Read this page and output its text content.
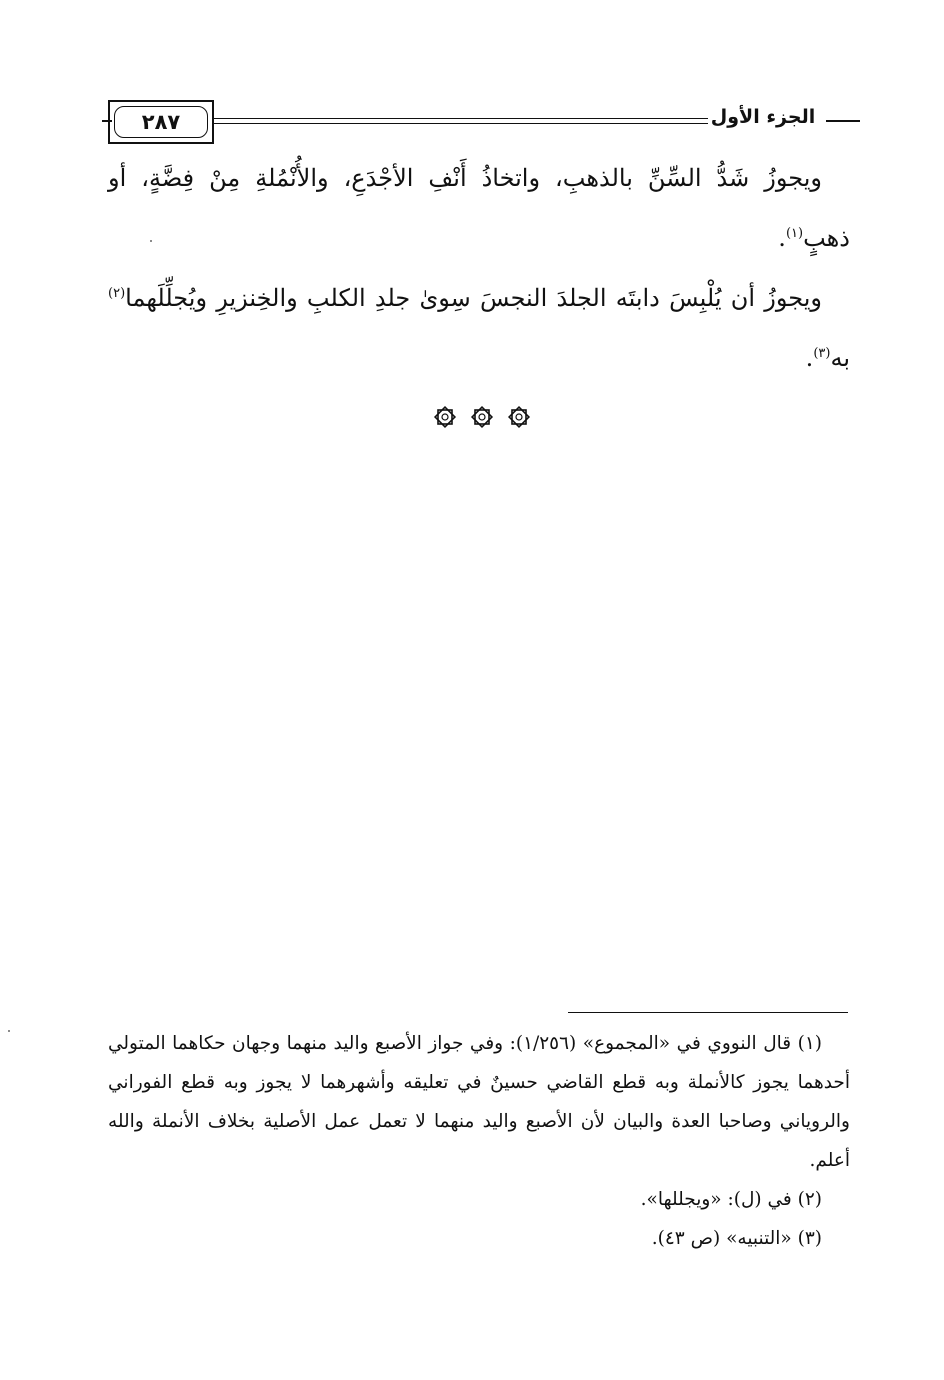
٢٨٧	الجزء الأول

ويجوزُ شَدُّ السِّنِّ بالذهبِ، واتخاذُ أَنْفِ الأجْدَعِ، والأُنْمُلةِ مِنْ فِضَّةٍ، أو ذهبٍ$^{(١)}$.

ويجوزُ أن يُلْبِسَ دابتَه الجلدَ النجسَ سِوىٰ جلدِ الكلبِ والخِنزيرِ ويُجلِّلَهما$^{(٢)}$ به$^{(٣)}$.

(١) قال النووي في «المجموع» (١/٢٥٦): وفي جواز الأصبع واليد منهما وجهان حكاهما المتولي أحدهما يجوز كالأنملة وبه قطع القاضي حسينٌ في تعليقه وأشهرهما لا يجوز وبه قطع الفوراني والروياني وصاحبا العدة والبيان لأن الأصبع واليد منهما لا تعمل عمل الأصلية بخلاف الأنملة والله أعلم.

(٢) في (ل): «ويجللها».

(٣) «التنبيه» (ص ٤٣).
